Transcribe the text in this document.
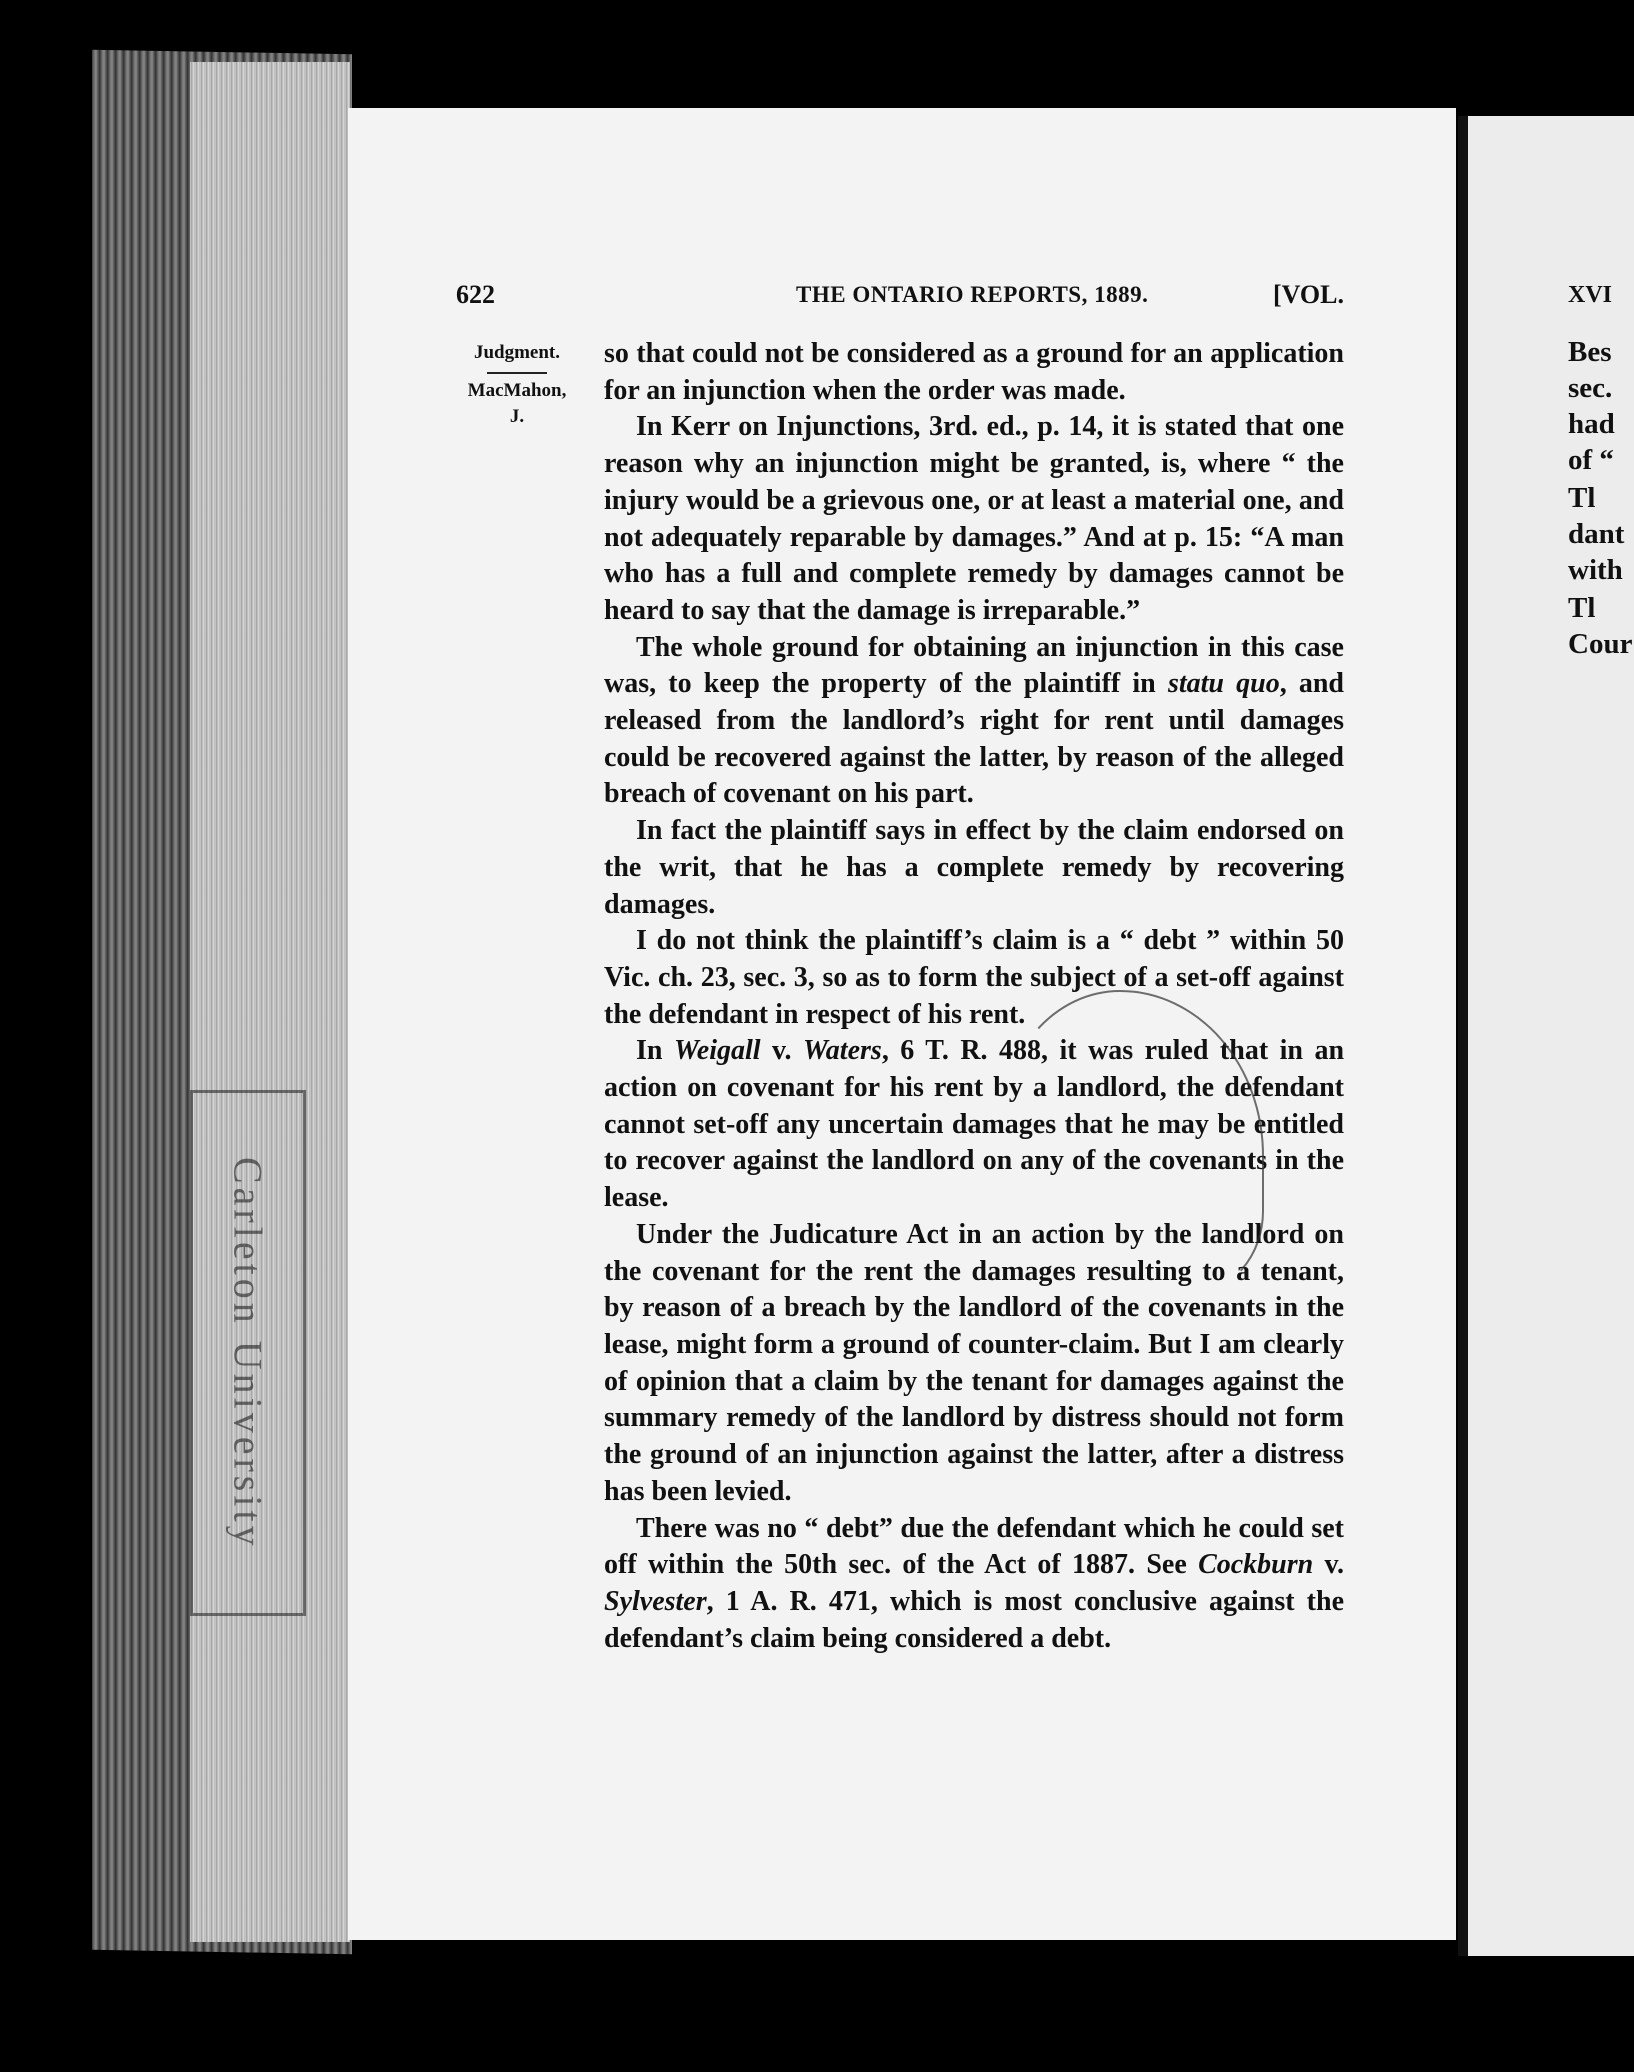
Carleton University
XVI
Bes
sec.
had
of “
Tl
dant
with
Tl
Cour
622	THE ONTARIO REPORTS, 1889.	[VOL.
Judgment.
MacMahon,
J.

so that could not be considered as a ground for an application for an injunction when the order was made.

In Kerr on Injunctions, 3rd. ed., p. 14, it is stated that one reason why an injunction might be granted, is, where “ the injury would be a grievous one, or at least a material one, and not adequately reparable by damages.” And at p. 15: “A man who has a full and complete remedy by damages cannot be heard to say that the damage is irreparable.”

The whole ground for obtaining an injunction in this case was, to keep the property of the plaintiff in statu quo, and released from the landlord’s right for rent until damages could be recovered against the latter, by reason of the alleged breach of covenant on his part.

In fact the plaintiff says in effect by the claim endorsed on the writ, that he has a complete remedy by recovering damages.

I do not think the plaintiff’s claim is a “ debt ” within 50 Vic. ch. 23, sec. 3, so as to form the subject of a set-off against the defendant in respect of his rent.

In Weigall v. Waters, 6 T. R. 488, it was ruled that in an action on covenant for his rent by a landlord, the defendant cannot set-off any uncertain damages that he may be entitled to recover against the landlord on any of the covenants in the lease.

Under the Judicature Act in an action by the landlord on the covenant for the rent the damages resulting to a tenant, by reason of a breach by the landlord of the covenants in the lease, might form a ground of counter-claim. But I am clearly of opinion that a claim by the tenant for damages against the summary remedy of the landlord by distress should not form the ground of an injunction against the latter, after a distress has been levied.

There was no “ debt” due the defendant which he could set off within the 50th sec. of the Act of 1887. See Cockburn v. Sylvester, 1 A. R. 471, which is most conclusive against the defendant’s claim being considered a debt.
